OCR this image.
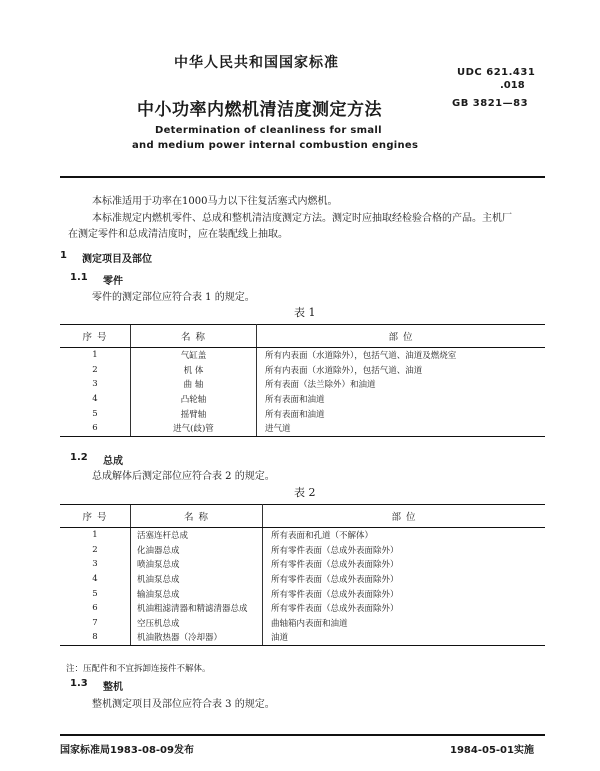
中华人民共和国国家标准
UDC 621.431
.018
中小功率内燃机清洁度测定方法	GB 3821—83
Determination of cleanliness for small
and medium power internal combustion engines
本标准适用于功率在1000马力以下往复活塞式内燃机。
本标准规定内燃机零件、总成和整机清洁度测定方法。测定时应抽取经检验合格的产品。主机厂
在测定零件和总成清洁度时，应在装配线上抽取。
1 测定项目及部位
1.1 零件
零件的测定部位应符合表 1 的规定。
表 1
序 号	名 称	部 位
1	气缸盖	所有内表面（水道除外），包括气道、油道及燃烧室
2	机 体	所有内表面（水道除外），包括气道、油道
3	曲 轴	所有表面（法兰除外）和油道
4	凸轮轴	所有表面和油道
5	摇臂轴	所有表面和油道
6	进气(歧)管	进气道
1.2 总成
总成解体后测定部位应符合表 2 的规定。
表 2
序 号	名 称	部 位
1	活塞连杆总成	所有表面和孔道（不解体）
2	化油器总成	所有零件表面（总成外表面除外）
3	喷油泵总成	所有零件表面（总成外表面除外）
4	机油泵总成	所有零件表面（总成外表面除外）
5	输油泵总成	所有零件表面（总成外表面除外）
6	机油粗滤清器和精滤清器总成	所有零件表面（总成外表面除外）
7	空压机总成	曲轴箱内表面和油道
8	机油散热器（冷却器）	油道
注：压配件和不宜拆卸连接件不解体。
1.3 整机
整机测定项目及部位应符合表 3 的规定。
国家标准局1983-08-09发布	1984-05-01实施
